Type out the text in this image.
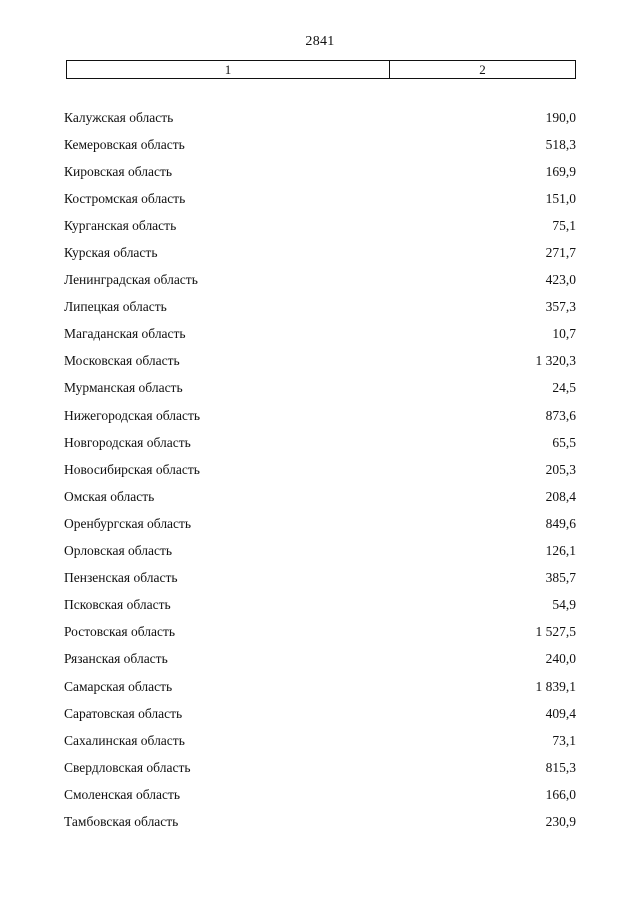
2841
1	2
Калужская область	190,0
Кемеровская область	518,3
Кировская область	169,9
Костромская область	151,0
Курганская область	75,1
Курская область	271,7
Ленинградская область	423,0
Липецкая область	357,3
Магаданская область	10,7
Московская область	1 320,3
Мурманская область	24,5
Нижегородская область	873,6
Новгородская область	65,5
Новосибирская область	205,3
Омская область	208,4
Оренбургская область	849,6
Орловская область	126,1
Пензенская область	385,7
Псковская область	54,9
Ростовская область	1 527,5
Рязанская область	240,0
Самарская область	1 839,1
Саратовская область	409,4
Сахалинская область	73,1
Свердловская область	815,3
Смоленская область	166,0
Тамбовская область	230,9
